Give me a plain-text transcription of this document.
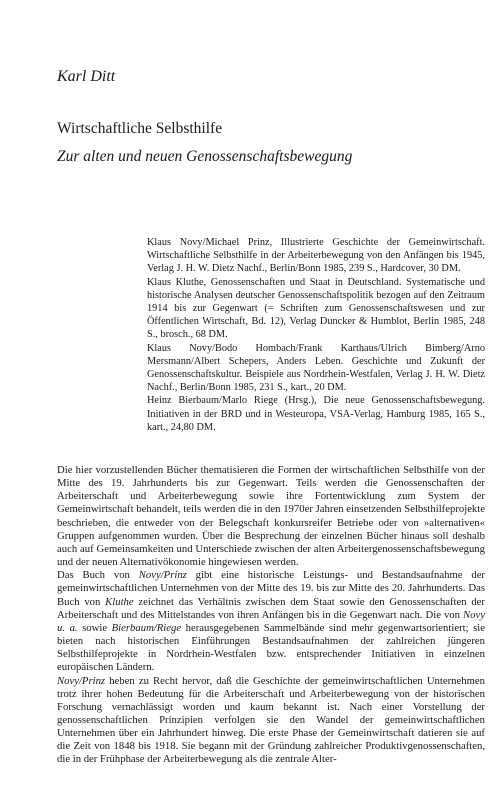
Karl Ditt
Wirtschaftliche Selbsthilfe
Zur alten und neuen Genossenschaftsbewegung

Klaus Novy/Michael Prinz, Illustrierte Geschichte der Gemeinwirtschaft. Wirtschaftliche Selbsthilfe in der Arbeiterbewegung von den Anfängen bis 1945, Verlag J. H. W. Dietz Nachf., Berlin/Bonn 1985, 239 S., Hardcover, 30 DM.

Klaus Kluthe, Genossenschaften und Staat in Deutschland. Systematische und historische Analysen deutscher Genossenschaftspolitik bezogen auf den Zeitraum 1914 bis zur Gegenwart (= Schriften zum Genossenschaftswesen und zur Öffentlichen Wirtschaft, Bd. 12), Verlag Duncker & Humblot, Berlin 1985, 248 S., brosch., 68 DM.

Klaus Novy/Bodo Hombach/Frank Karthaus/Ulrich Bimberg/Arno Mersmann/Albert Schepers, Anders Leben. Geschichte und Zukunft der Genossenschaftskultur. Beispiele aus Nordrhein-Westfalen, Verlag J. H. W. Dietz Nachf., Berlin/Bonn 1985, 231 S., kart., 20 DM.

Heinz Bierbaum/Marlo Riege (Hrsg.), Die neue Genossenschaftsbewegung. Initiativen in der BRD und in Westeuropa, VSA-Verlag, Hamburg 1985, 165 S., kart., 24,80 DM.

Die hier vorzustellenden Bücher thematisieren die Formen der wirtschaftlichen Selbsthilfe von der Mitte des 19. Jahrhunderts bis zur Gegenwart. Teils werden die Genossenschaften der Arbeiterschaft und Arbeiterbewegung sowie ihre Fortentwicklung zum System der Gemeinwirtschaft behandelt, teils werden die in den 1970er Jahren einsetzenden Selbsthilfeprojekte beschrieben, die entweder von der Belegschaft konkursreifer Betriebe oder von »alternativen« Gruppen aufgenommen wurden. Über die Besprechung der einzelnen Bücher hinaus soll deshalb auch auf Gemeinsamkeiten und Unterschiede zwischen der alten Arbeitergenossenschaftsbewegung und der neuen Alternativökonomie hingewiesen werden.

Das Buch von Novy/Prinz gibt eine historische Leistungs- und Bestandsaufnahme der gemeinwirtschaftlichen Unternehmen von der Mitte des 19. bis zur Mitte des 20. Jahrhunderts. Das Buch von Kluthe zeichnet das Verhältnis zwischen dem Staat sowie den Genossenschaften der Arbeiterschaft und des Mittelstandes von ihren Anfängen bis in die Gegenwart nach. Die von Novy u. a. sowie Bierbaum/Riege herausgegebenen Sammelbände sind mehr gegenwartsorientiert; sie bieten nach historischen Einführungen Bestandsaufnahmen der zahlreichen jüngeren Selbsthilfeprojekte in Nordrhein-Westfalen bzw. entsprechender Initiativen in einzelnen europäischen Ländern.

Novy/Prinz heben zu Recht hervor, daß die Geschichte der gemeinwirtschaftlichen Unternehmen trotz ihrer hohen Bedeutung für die Arbeiterschaft und Arbeiterbewegung von der historischen Forschung vernachlässigt worden und kaum bekannt ist. Nach einer Vorstellung der genossenschaftlichen Prinzipien verfolgen sie den Wandel der gemeinwirtschaftlichen Unternehmen über ein Jahrhundert hinweg. Die erste Phase der Gemeinwirtschaft datieren sie auf die Zeit von 1848 bis 1918. Sie begann mit der Gründung zahlreicher Produktivgenossenschaften, die in der Frühphase der Arbeiterbewegung als die zentrale Alter-
